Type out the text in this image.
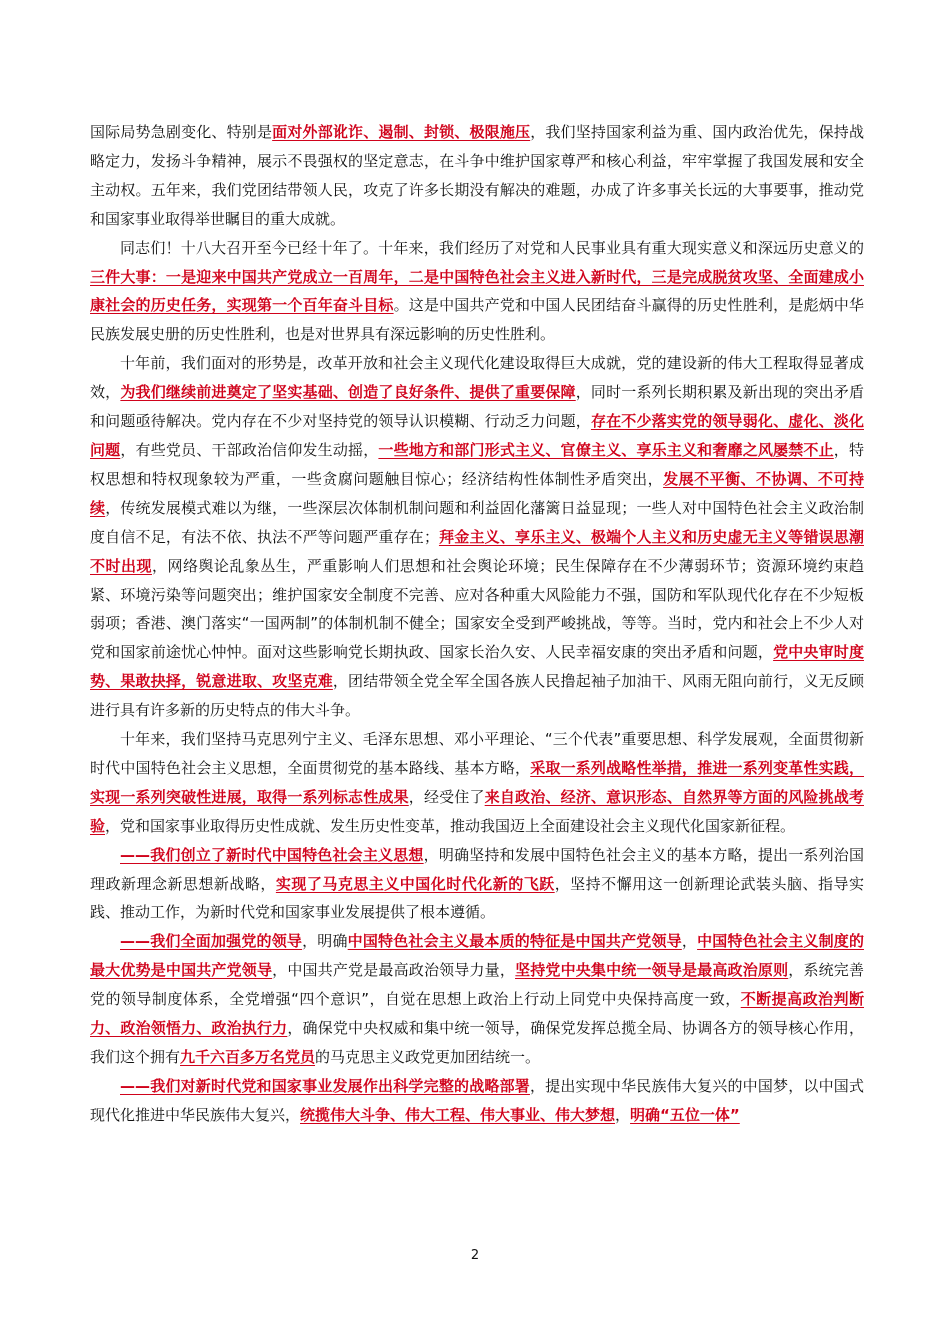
国际局势急剧变化、特别是面对外部讹诈、遏制、封锁、极限施压，我们坚持国家利益为重、国内政治优先，保持战略定力，发扬斗争精神，展示不畏强权的坚定意志，在斗争中维护国家尊严和核心利益，牢牢掌握了我国发展和安全主动权。五年来，我们党团结带领人民，攻克了许多长期没有解决的难题，办成了许多事关长远的大事要事，推动党和国家事业取得举世瞩目的重大成就。

同志们！十八大召开至今已经十年了。十年来，我们经历了对党和人民事业具有重大现实意义和深远历史意义的三件大事：一是迎来中国共产党成立一百周年，二是中国特色社会主义进入新时代，三是完成脱贫攻坚、全面建成小康社会的历史任务，实现第一个百年奋斗目标。这是中国共产党和中国人民团结奋斗赢得的历史性胜利，是彪炳中华民族发展史册的历史性胜利，也是对世界具有深远影响的历史性胜利。

十年前，我们面对的形势是，改革开放和社会主义现代化建设取得巨大成就，党的建设新的伟大工程取得显著成效，为我们继续前进奠定了坚实基础、创造了良好条件、提供了重要保障，同时一系列长期积累及新出现的突出矛盾和问题亟待解决。党内存在不少对坚持党的领导认识模糊、行动乏力问题，存在不少落实党的领导弱化、虚化、淡化问题，有些党员、干部政治信仰发生动摇，一些地方和部门形式主义、官僚主义、享乐主义和奢靡之风屡禁不止，特权思想和特权现象较为严重，一些贪腐问题触目惊心；经济结构性体制性矛盾突出，发展不平衡、不协调、不可持续，传统发展模式难以为继，一些深层次体制机制问题和利益固化藩篱日益显现；一些人对中国特色社会主义政治制度自信不足，有法不依、执法不严等问题严重存在；拜金主义、享乐主义、极端个人主义和历史虚无主义等错误思潮不时出现，网络舆论乱象丛生，严重影响人们思想和社会舆论环境；民生保障存在不少薄弱环节；资源环境约束趋紧、环境污染等问题突出；维护国家安全制度不完善、应对各种重大风险能力不强，国防和军队现代化存在不少短板弱项；香港、澳门落实“一国两制”的体制机制不健全；国家安全受到严峻挑战，等等。当时，党内和社会上不少人对党和国家前途忧心忡忡。面对这些影响党长期执政、国家长治久安、人民幸福安康的突出矛盾和问题，党中央审时度势、果敢抉择，锐意进取、攻坚克难，团结带领全党全军全国各族人民撸起袖子加油干、风雨无阻向前行，义无反顾进行具有许多新的历史特点的伟大斗争。

十年来，我们坚持马克思列宁主义、毛泽东思想、邓小平理论、“三个代表”重要思想、科学发展观，全面贯彻新时代中国特色社会主义思想，全面贯彻党的基本路线、基本方略，采取一系列战略性举措，推进一系列变革性实践，实现一系列突破性进展，取得一系列标志性成果，经受住了来自政治、经济、意识形态、自然界等方面的风险挑战考验，党和国家事业取得历史性成就、发生历史性变革，推动我国迈上全面建设社会主义现代化国家新征程。

——我们创立了新时代中国特色社会主义思想，明确坚持和发展中国特色社会主义的基本方略，提出一系列治国理政新理念新思想新战略，实现了马克思主义中国化时代化新的飞跃，坚持不懈用这一创新理论武装头脑、指导实践、推动工作，为新时代党和国家事业发展提供了根本遵循。

——我们全面加强党的领导，明确中国特色社会主义最本质的特征是中国共产党领导，中国特色社会主义制度的最大优势是中国共产党领导，中国共产党是最高政治领导力量，坚持党中央集中统一领导是最高政治原则，系统完善党的领导制度体系，全党增强“四个意识”，自觉在思想上政治上行动上同党中央保持高度一致，不断提高政治判断力、政治领悟力、政治执行力，确保党中央权威和集中统一领导，确保党发挥总揽全局、协调各方的领导核心作用，我们这个拥有九千六百多万名党员的马克思主义政党更加团结统一。

——我们对新时代党和国家事业发展作出科学完整的战略部署，提出实现中华民族伟大复兴的中国梦，以中国式现代化推进中华民族伟大复兴，统揽伟大斗争、伟大工程、伟大事业、伟大梦想，明确“五位一体”

2
